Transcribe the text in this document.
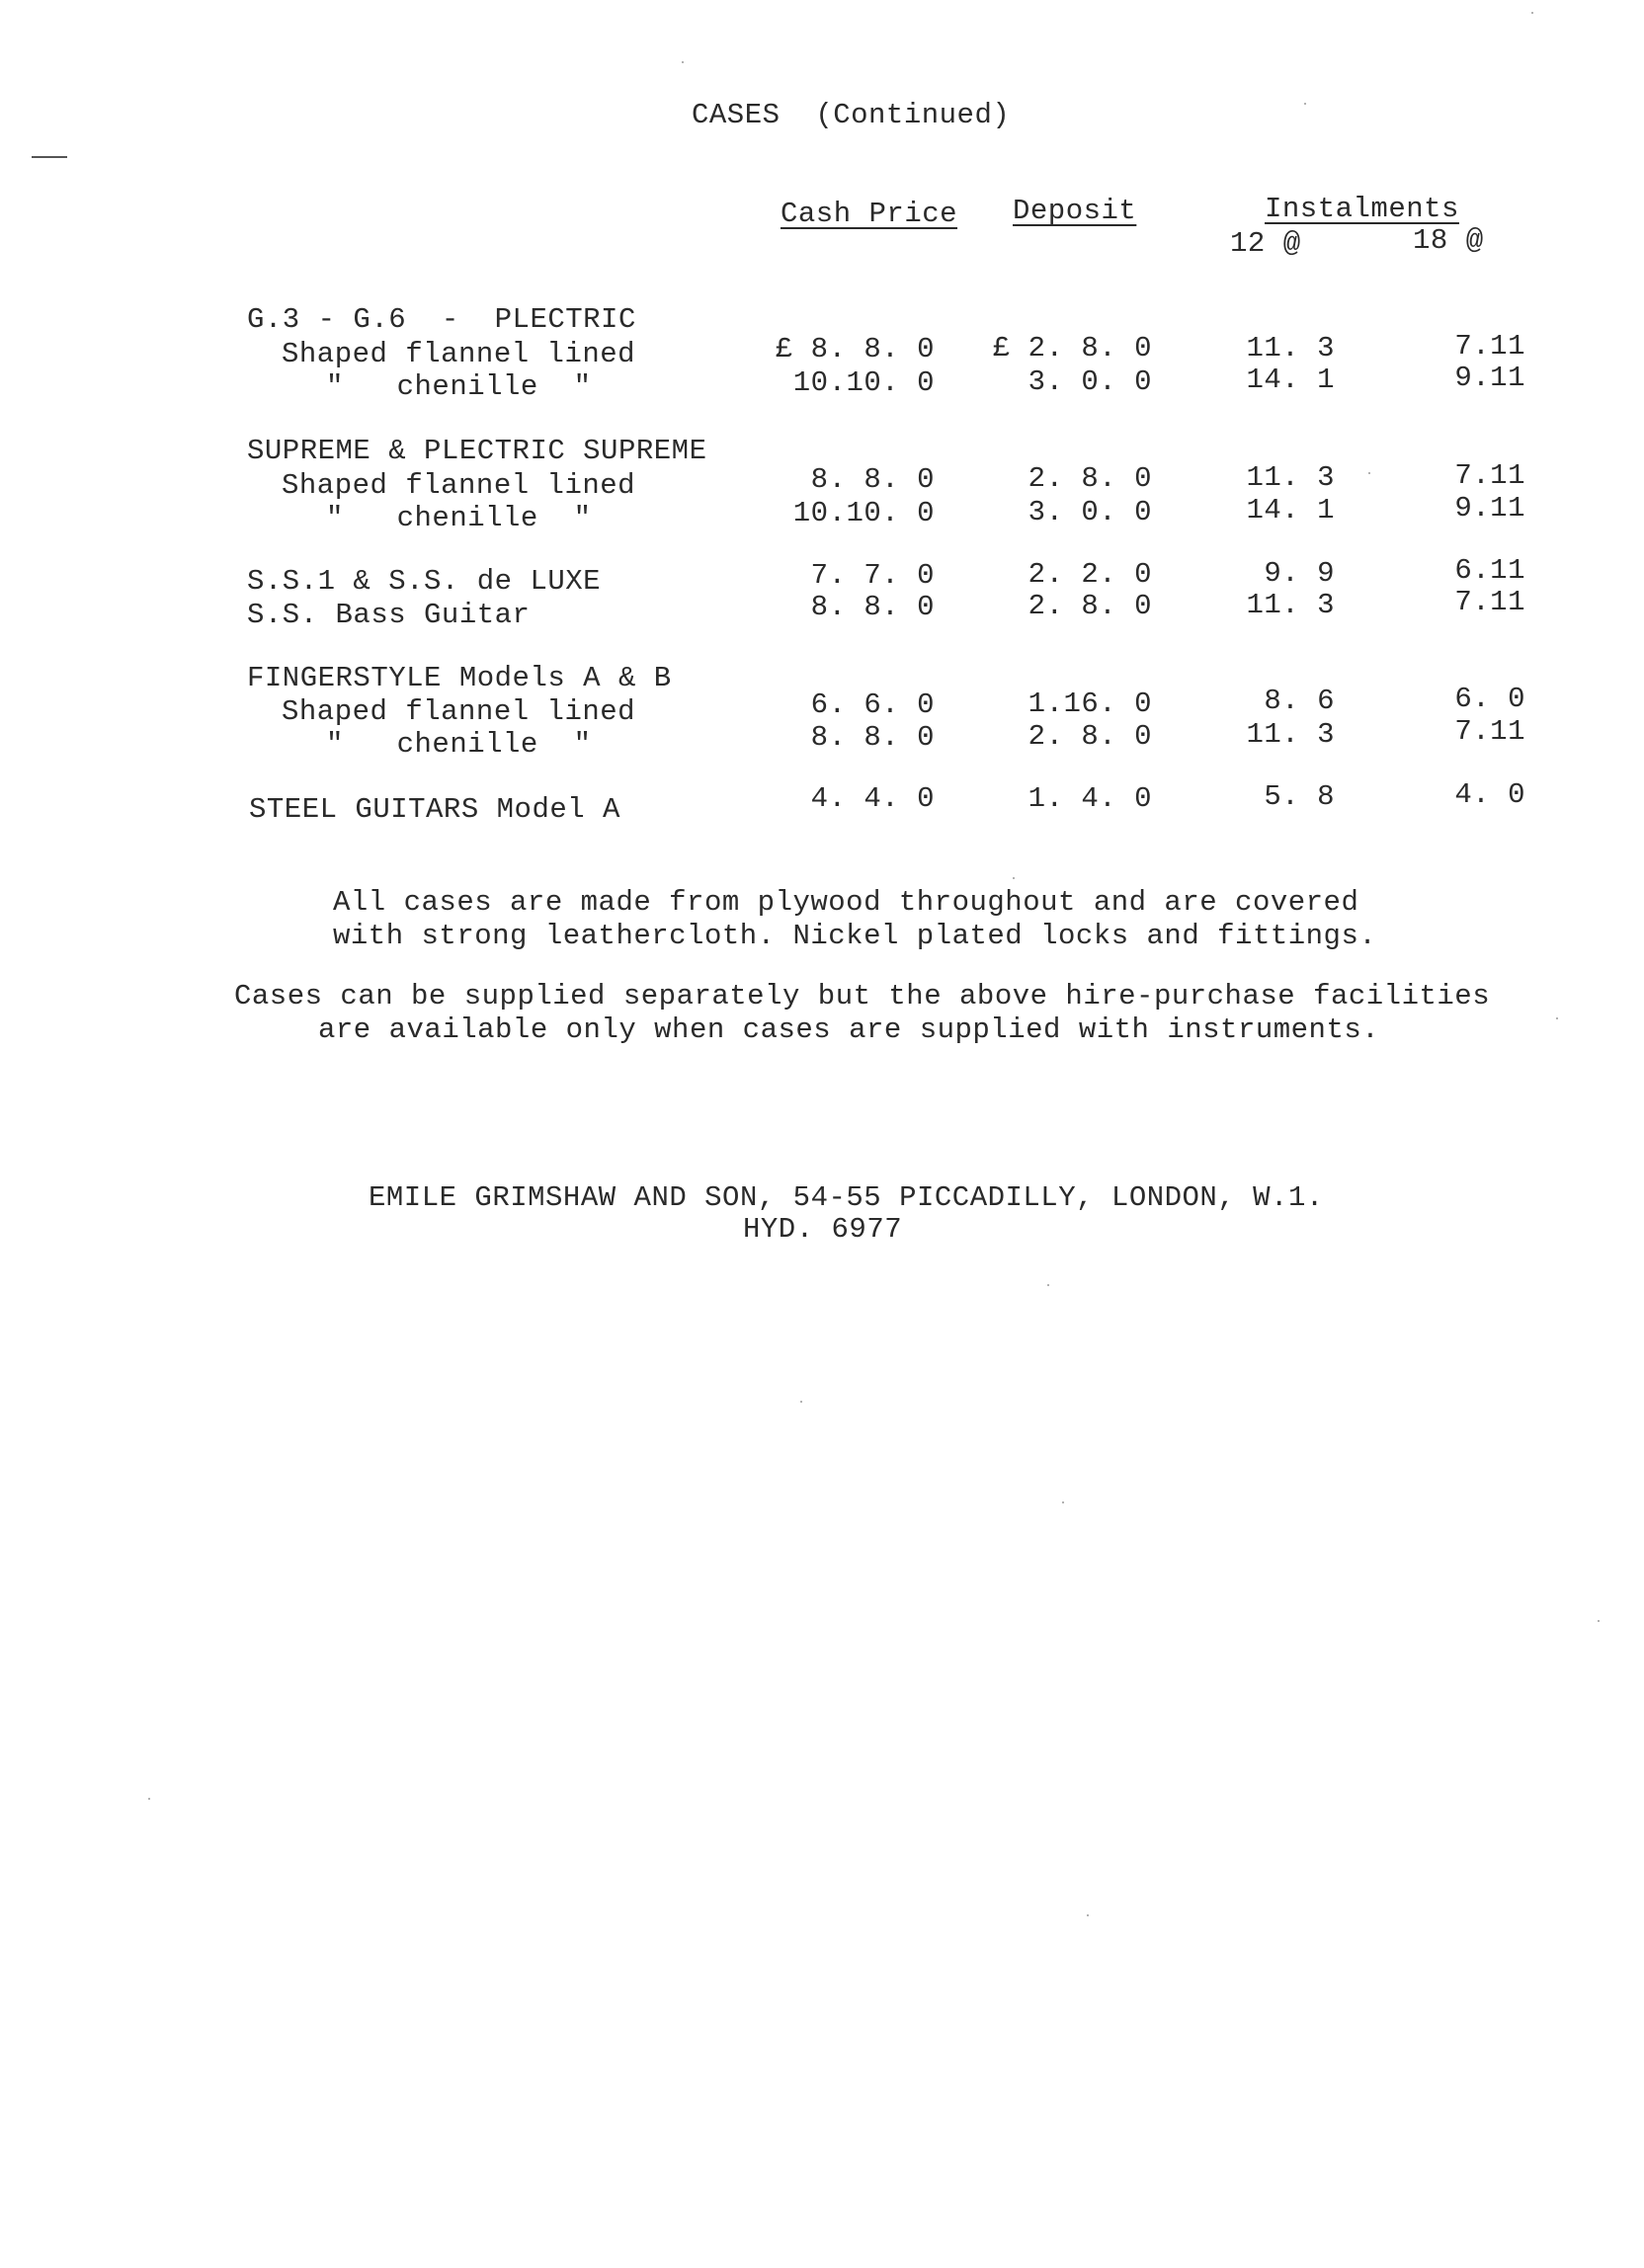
CASES  (Continued)
Cash Price Deposit	Instalments
12 @	18 @
G.3 - G.6  -  PLECTRIC
Shaped flannel lined	£ 8. 8. 0 £ 2. 8. 0	11. 3	7.11
"   chenille  "	10.10. 0	3. 0. 0	14. 1	9.11
SUPREME & PLECTRIC SUPREME
Shaped flannel lined	8. 8. 0	2. 8. 0	11. 3	7.11
"   chenille  "	10.10. 0	3. 0. 0	14. 1	9.11
S.S.1 & S.S. de LUXE	7. 7. 0	2. 2. 0	9. 9	6.11
S.S. Bass Guitar	8. 8. 0	2. 8. 0	11. 3	7.11
FINGERSTYLE Models A & B
Shaped flannel lined	6. 6. 0	1.16. 0	8. 6	6. 0
"   chenille  "	8. 8. 0	2. 8. 0	11. 3	7.11
STEEL GUITARS Model A	4. 4. 0	1. 4. 0	5. 8	4. 0
All cases are made from plywood throughout and are covered
with strong leathercloth. Nickel plated locks and fittings.
Cases can be supplied separately but the above hire-purchase facilities
are available only when cases are supplied with instruments.
EMILE GRIMSHAW AND SON, 54-55 PICCADILLY, LONDON, W.1.
HYD. 6977
